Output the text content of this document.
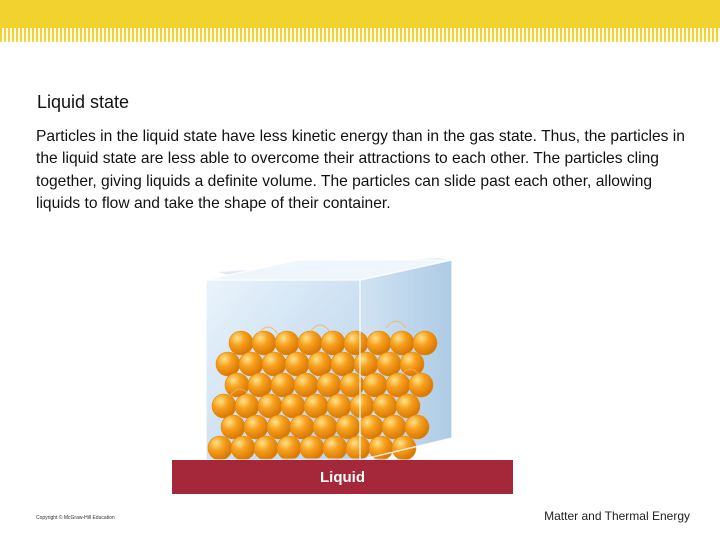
Liquid state

Particles in the liquid state have less kinetic energy than in the gas state. Thus, the particles in the liquid state are less able to overcome their attractions to each other. The particles cling together, giving liquids a definite volume. The particles can slide past each other, allowing liquids to flow and take the shape of their container.

Liquid
Copyright © McGraw-Hill Education	Matter and Thermal Energy
